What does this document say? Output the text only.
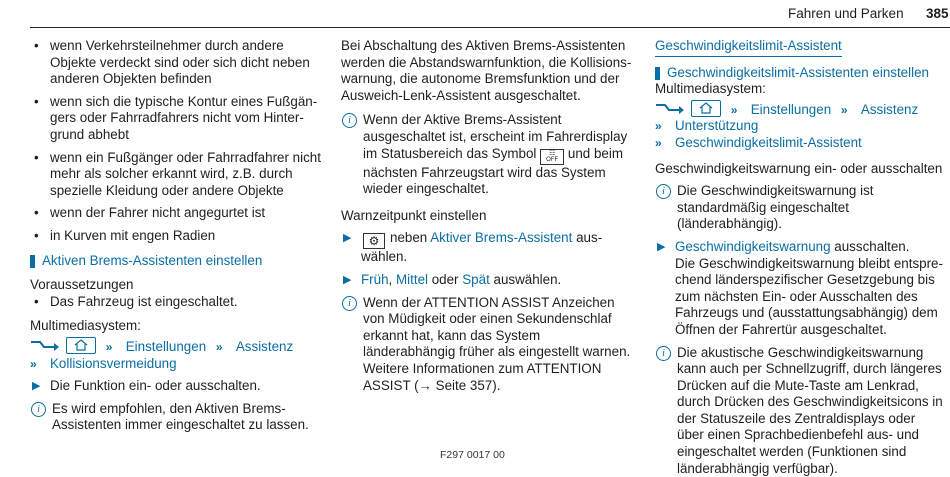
Fahren und Parken 385
• wenn Verkehrsteilnehmer durch andere Objekte verdeckt sind oder sich dicht neben anderen Objekten befinden
• wenn sich die typische Kontur eines Fußgängers oder Fahrradfahrers nicht vom Hintergrund abhebt
• wenn ein Fußgänger oder Fahrradfahrer nicht mehr als solcher erkannt wird, z.B. durch spezielle Kleidung oder andere Objekte
• wenn der Fahrer nicht angegurtet ist
• in Kurven mit engen Radien
Aktiven Brems-Assistenten einstellen

Voraussetzungen

• Das Fahrzeug ist eingeschaltet.

Multimediasystem:

» Einstellungen » Assistenz
» Kollisionsvermeidung

▶ Die Funktion ein- oder ausschalten.

i Es wird empfohlen, den Aktiven Brems-Assistenten immer eingeschaltet zu lassen.

Bei Abschaltung des Aktiven Brems-Assistenten werden die Abstandswarnfunktion, die Kollisionswarnung, die autonome Bremsfunktion und der Ausweich-Lenk-Assistent ausgeschaltet.

i Wenn der Aktive Brems-Assistent ausgeschaltet ist, erscheint im Fahrerdisplay im Statusbereich das Symbol	☷
OFF und beim nächsten Fahrzeugstart wird das System wieder eingeschaltet.

Warnzeitpunkt einstellen

▶ ⚙ neben Aktiver Brems-Assistent auswählen.

▶ Früh, Mittel oder Spät auswählen.

i Wenn der ATTENTION ASSIST Anzeichen von Müdigkeit oder einen Sekundenschlaf erkannt hat, kann das System länderabhängig früher als eingestellt warnen. Weitere Informationen zum ATTENTION ASSIST (→ Seite 357).

Geschwindigkeitslimit-Assistent
Geschwindigkeitslimit-Assistenten einstellen

Multimediasystem:

» Einstellungen » Assistenz
» Unterstützung
» Geschwindigkeitslimit-Assistent

Geschwindigkeitswarnung ein- oder ausschalten

i Die Geschwindigkeitswarnung ist standardmäßig eingeschaltet (länderabhängig).

▶ Geschwindigkeitswarnung ausschalten.
Die Geschwindigkeitswarnung bleibt entsprechend länderspezifischer Gesetzgebung bis zum nächsten Ein- oder Ausschalten des Fahrzeugs und (ausstattungsabhängig) dem Öffnen der Fahrertür ausgeschaltet.

i Die akustische Geschwindigkeitswarnung kann auch per Schnellzugriff, durch längeres Drücken auf die Mute-Taste am Lenkrad, durch Drücken des Geschwindigkeitsicons in der Statuszeile des Zentraldisplays oder über einen Sprachbedienbefehl aus- und eingeschaltet werden (Funktionen sind länderabhängig verfügbar).

F297 0017 00
